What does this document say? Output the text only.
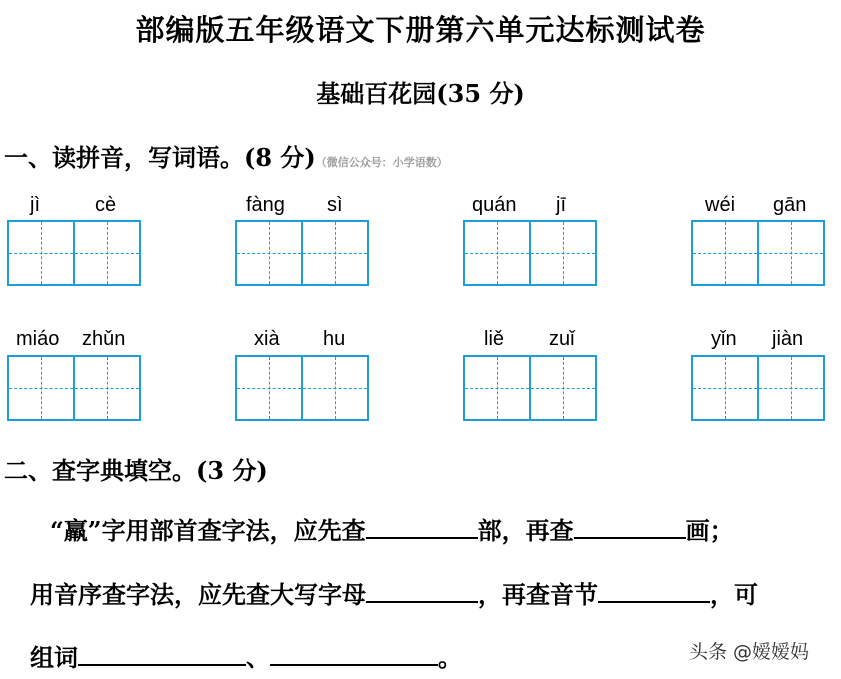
部编版五年级语文下册第六单元达标测试卷
基础百花园(35 分)
一、读拼音，写词语。(8 分)（微信公众号：小学语数）
jì	cè	fàng sì	quán jī	wéi gān
miáo zhǔn	xià hu	liě zuǐ	yǐn jiàn
二、查字典填空。(3 分)
“羸”字用部首查字法，应先查	部，再查	画；
用音序查字法，应先查大写字母	，再查音节	，可
组词	、	。	头条 @嫒嫒妈
